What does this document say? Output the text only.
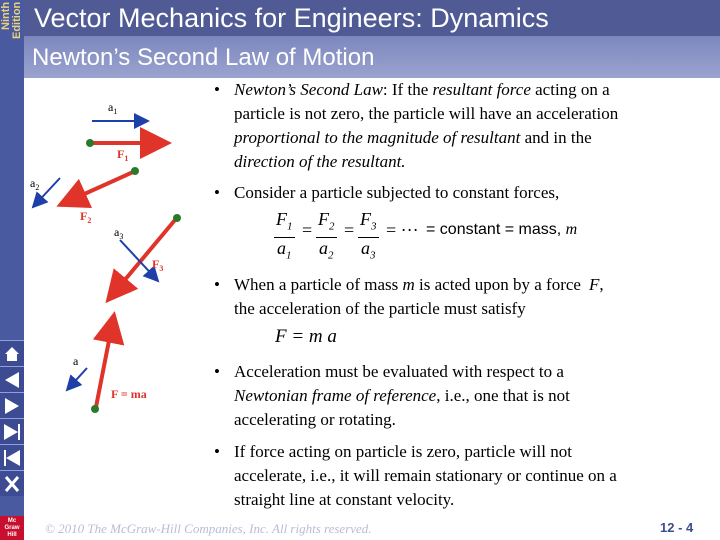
Ninth Edition Vector Mechanics for Engineers: Dynamics
Newton’s Second Law of Motion
Mc
Graw
Hill
$a_1$
$F_1$
$a_2$
$F_2$
$a_3$
$F_3$
a
F = ma
• Newton’s Second Law: If the resultant force acting on a
particle is not zero, the particle will have an acceleration
proportional to the magnitude of resultant and in the
direction of the resultant.
• Consider a particle subjected to constant forces,
• When a particle of mass m is acted upon by a force F,
the acceleration of the particle must satisfy
• Acceleration must be evaluated with respect to a
Newtonian frame of reference, i.e., one that is not
accelerating or rotating.
• If force acting on particle is zero, particle will not
accelerate, i.e., it will remain stationary or continue on a
straight line at constant velocity.
$\frac{F_1}{a_1} = \frac{F_2}{a_2} = \frac{F_3}{a_3}$ = ··· = constant = mass, m
F = m a
© 2010 The McGraw-Hill Companies, Inc. All rights reserved.	12 - 4
